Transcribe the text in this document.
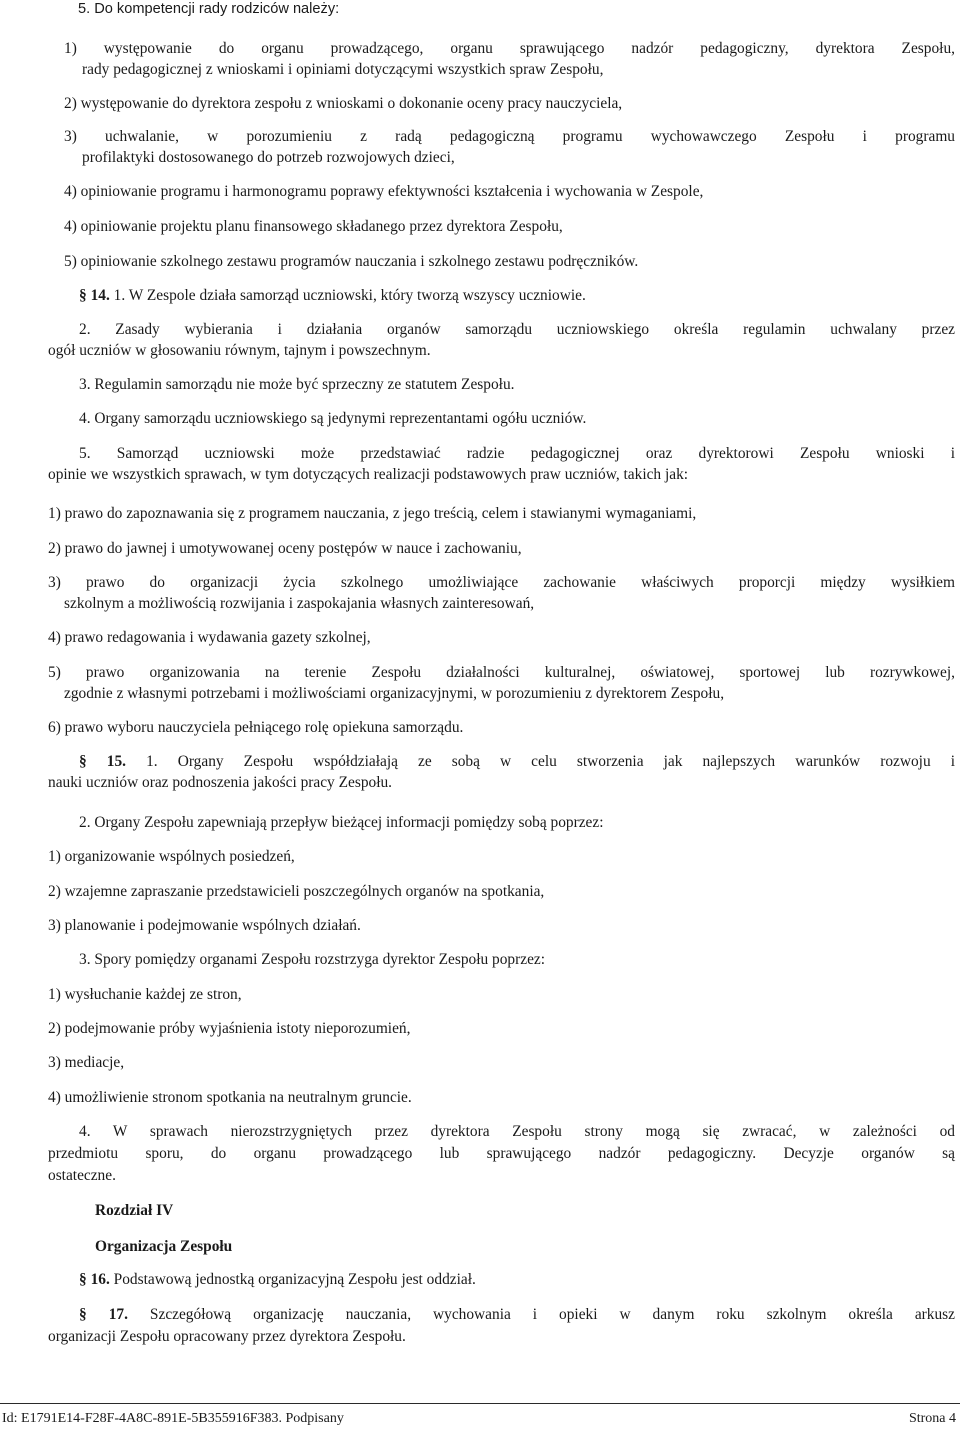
5. Do kompetencji rady rodziców należy:
1) występowanie do organu prowadzącego, organu sprawującego nadzór pedagogiczny, dyrektora Zespołu,
rady pedagogicznej z wnioskami i opiniami dotyczącymi wszystkich spraw Zespołu,
2) występowanie do dyrektora zespołu z wnioskami o dokonanie oceny pracy nauczyciela,
3) uchwalanie, w porozumieniu z radą pedagogiczną programu wychowawczego Zespołu i programu
profilaktyki dostosowanego do potrzeb rozwojowych dzieci,
4) opiniowanie programu i harmonogramu poprawy efektywności kształcenia i wychowania w Zespole,
4) opiniowanie projektu planu finansowego składanego przez dyrektora Zespołu,
5) opiniowanie szkolnego zestawu programów nauczania i szkolnego zestawu podręczników.
§ 14. 1. W Zespole działa samorząd uczniowski, który tworzą wszyscy uczniowie.
2. Zasady wybierania i działania organów samorządu uczniowskiego określa regulamin uchwalany przez
ogół uczniów w głosowaniu równym, tajnym i powszechnym.
3. Regulamin samorządu nie może być sprzeczny ze statutem Zespołu.
4. Organy samorządu uczniowskiego są jedynymi reprezentantami ogółu uczniów.
5. Samorząd uczniowski może przedstawiać radzie pedagogicznej oraz dyrektorowi Zespołu wnioski i
opinie we wszystkich sprawach, w tym dotyczących realizacji podstawowych praw uczniów, takich jak:
1) prawo do zapoznawania się z programem nauczania, z jego treścią, celem i stawianymi wymaganiami,
2) prawo do jawnej i umotywowanej oceny postępów w nauce i zachowaniu,
3) prawo do organizacji życia szkolnego umożliwiające zachowanie właściwych proporcji między wysiłkiem
szkolnym a możliwością rozwijania i zaspokajania własnych zainteresowań,
4) prawo redagowania i wydawania gazety szkolnej,
5) prawo organizowania na terenie Zespołu działalności kulturalnej, oświatowej, sportowej lub rozrywkowej,
zgodnie z własnymi potrzebami i możliwościami organizacyjnymi, w porozumieniu z dyrektorem Zespołu,
6) prawo wyboru nauczyciela pełniącego rolę opiekuna samorządu.
§ 15. 1. Organy Zespołu współdziałają ze sobą w celu stworzenia jak najlepszych warunków rozwoju i
nauki uczniów oraz podnoszenia jakości pracy Zespołu.
2. Organy Zespołu zapewniają przepływ bieżącej informacji pomiędzy sobą poprzez:
1) organizowanie wspólnych posiedzeń,
2) wzajemne zapraszanie przedstawicieli poszczególnych organów na spotkania,
3) planowanie i podejmowanie wspólnych działań.
3. Spory pomiędzy organami Zespołu rozstrzyga dyrektor Zespołu poprzez:
1) wysłuchanie każdej ze stron,
2) podejmowanie próby wyjaśnienia istoty nieporozumień,
3) mediacje,
4) umożliwienie stronom spotkania na neutralnym gruncie.
4. W sprawach nierozstrzygniętych przez dyrektora Zespołu strony mogą się zwracać, w zależności od
przedmiotu sporu, do organu prowadzącego lub sprawującego nadzór pedagogiczny. Decyzje organów są
ostateczne.
Rozdział IV
Organizacja Zespołu
§ 16. Podstawową jednostką organizacyjną Zespołu jest oddział.
§ 17. Szczegółową organizację nauczania, wychowania i opieki w danym roku szkolnym określa arkusz
organizacji Zespołu opracowany przez dyrektora Zespołu.
Id: E1791E14-F28F-4A8C-891E-5B355916F383. Podpisany	Strona 4
